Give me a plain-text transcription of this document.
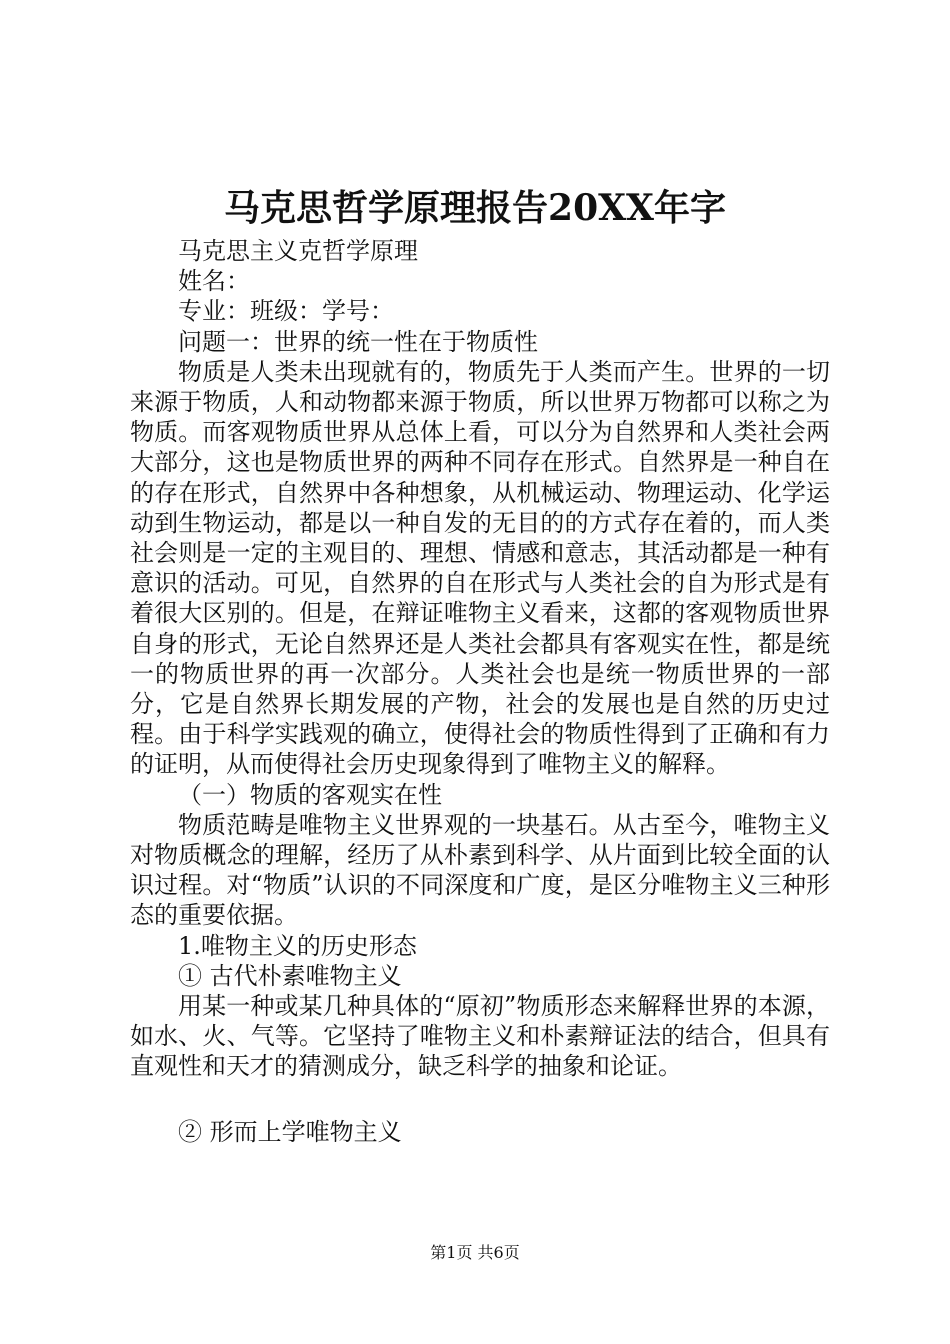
马克思哲学原理报告20XX年字

马克思主义克哲学原理

姓名：

专业：班级：学号：

问题一：世界的统一性在于物质性

物质是人类未出现就有的，物质先于人类而产生。世界的一切来源于物质，人和动物都来源于物质，所以世界万物都可以称之为物质。而客观物质世界从总体上看，可以分为自然界和人类社会两大部分，这也是物质世界的两种不同存在形式。自然界是一种自在的存在形式，自然界中各种想象，从机械运动、物理运动、化学运动到生物运动，都是以一种自发的无目的的方式存在着的，而人类社会则是一定的主观目的、理想、情感和意志，其活动都是一种有意识的活动。可见，自然界的自在形式与人类社会的自为形式是有着很大区别的。但是，在辩证唯物主义看来，这都的客观物质世界自身的形式，无论自然界还是人类社会都具有客观实在性，都是统一的物质世界的再一次部分。人类社会也是统一物质世界的一部分，它是自然界长期发展的产物，社会的发展也是自然的历史过程。由于科学实践观的确立，使得社会的物质性得到了正确和有力的证明，从而使得社会历史现象得到了唯物主义的解释。

（一）物质的客观实在性

物质范畴是唯物主义世界观的一块基石。从古至今，唯物主义对物质概念的理解，经历了从朴素到科学、从片面到比较全面的认识过程。对“物质”认识的不同深度和广度，是区分唯物主义三种形态的重要依据。

1.唯物主义的历史形态

① 古代朴素唯物主义

用某一种或某几种具体的“原初”物质形态来解释世界的本源，如水、火、气等。它坚持了唯物主义和朴素辩证法的结合，但具有直观性和天才的猜测成分，缺乏科学的抽象和论证。

② 形而上学唯物主义

第1页 共6页
